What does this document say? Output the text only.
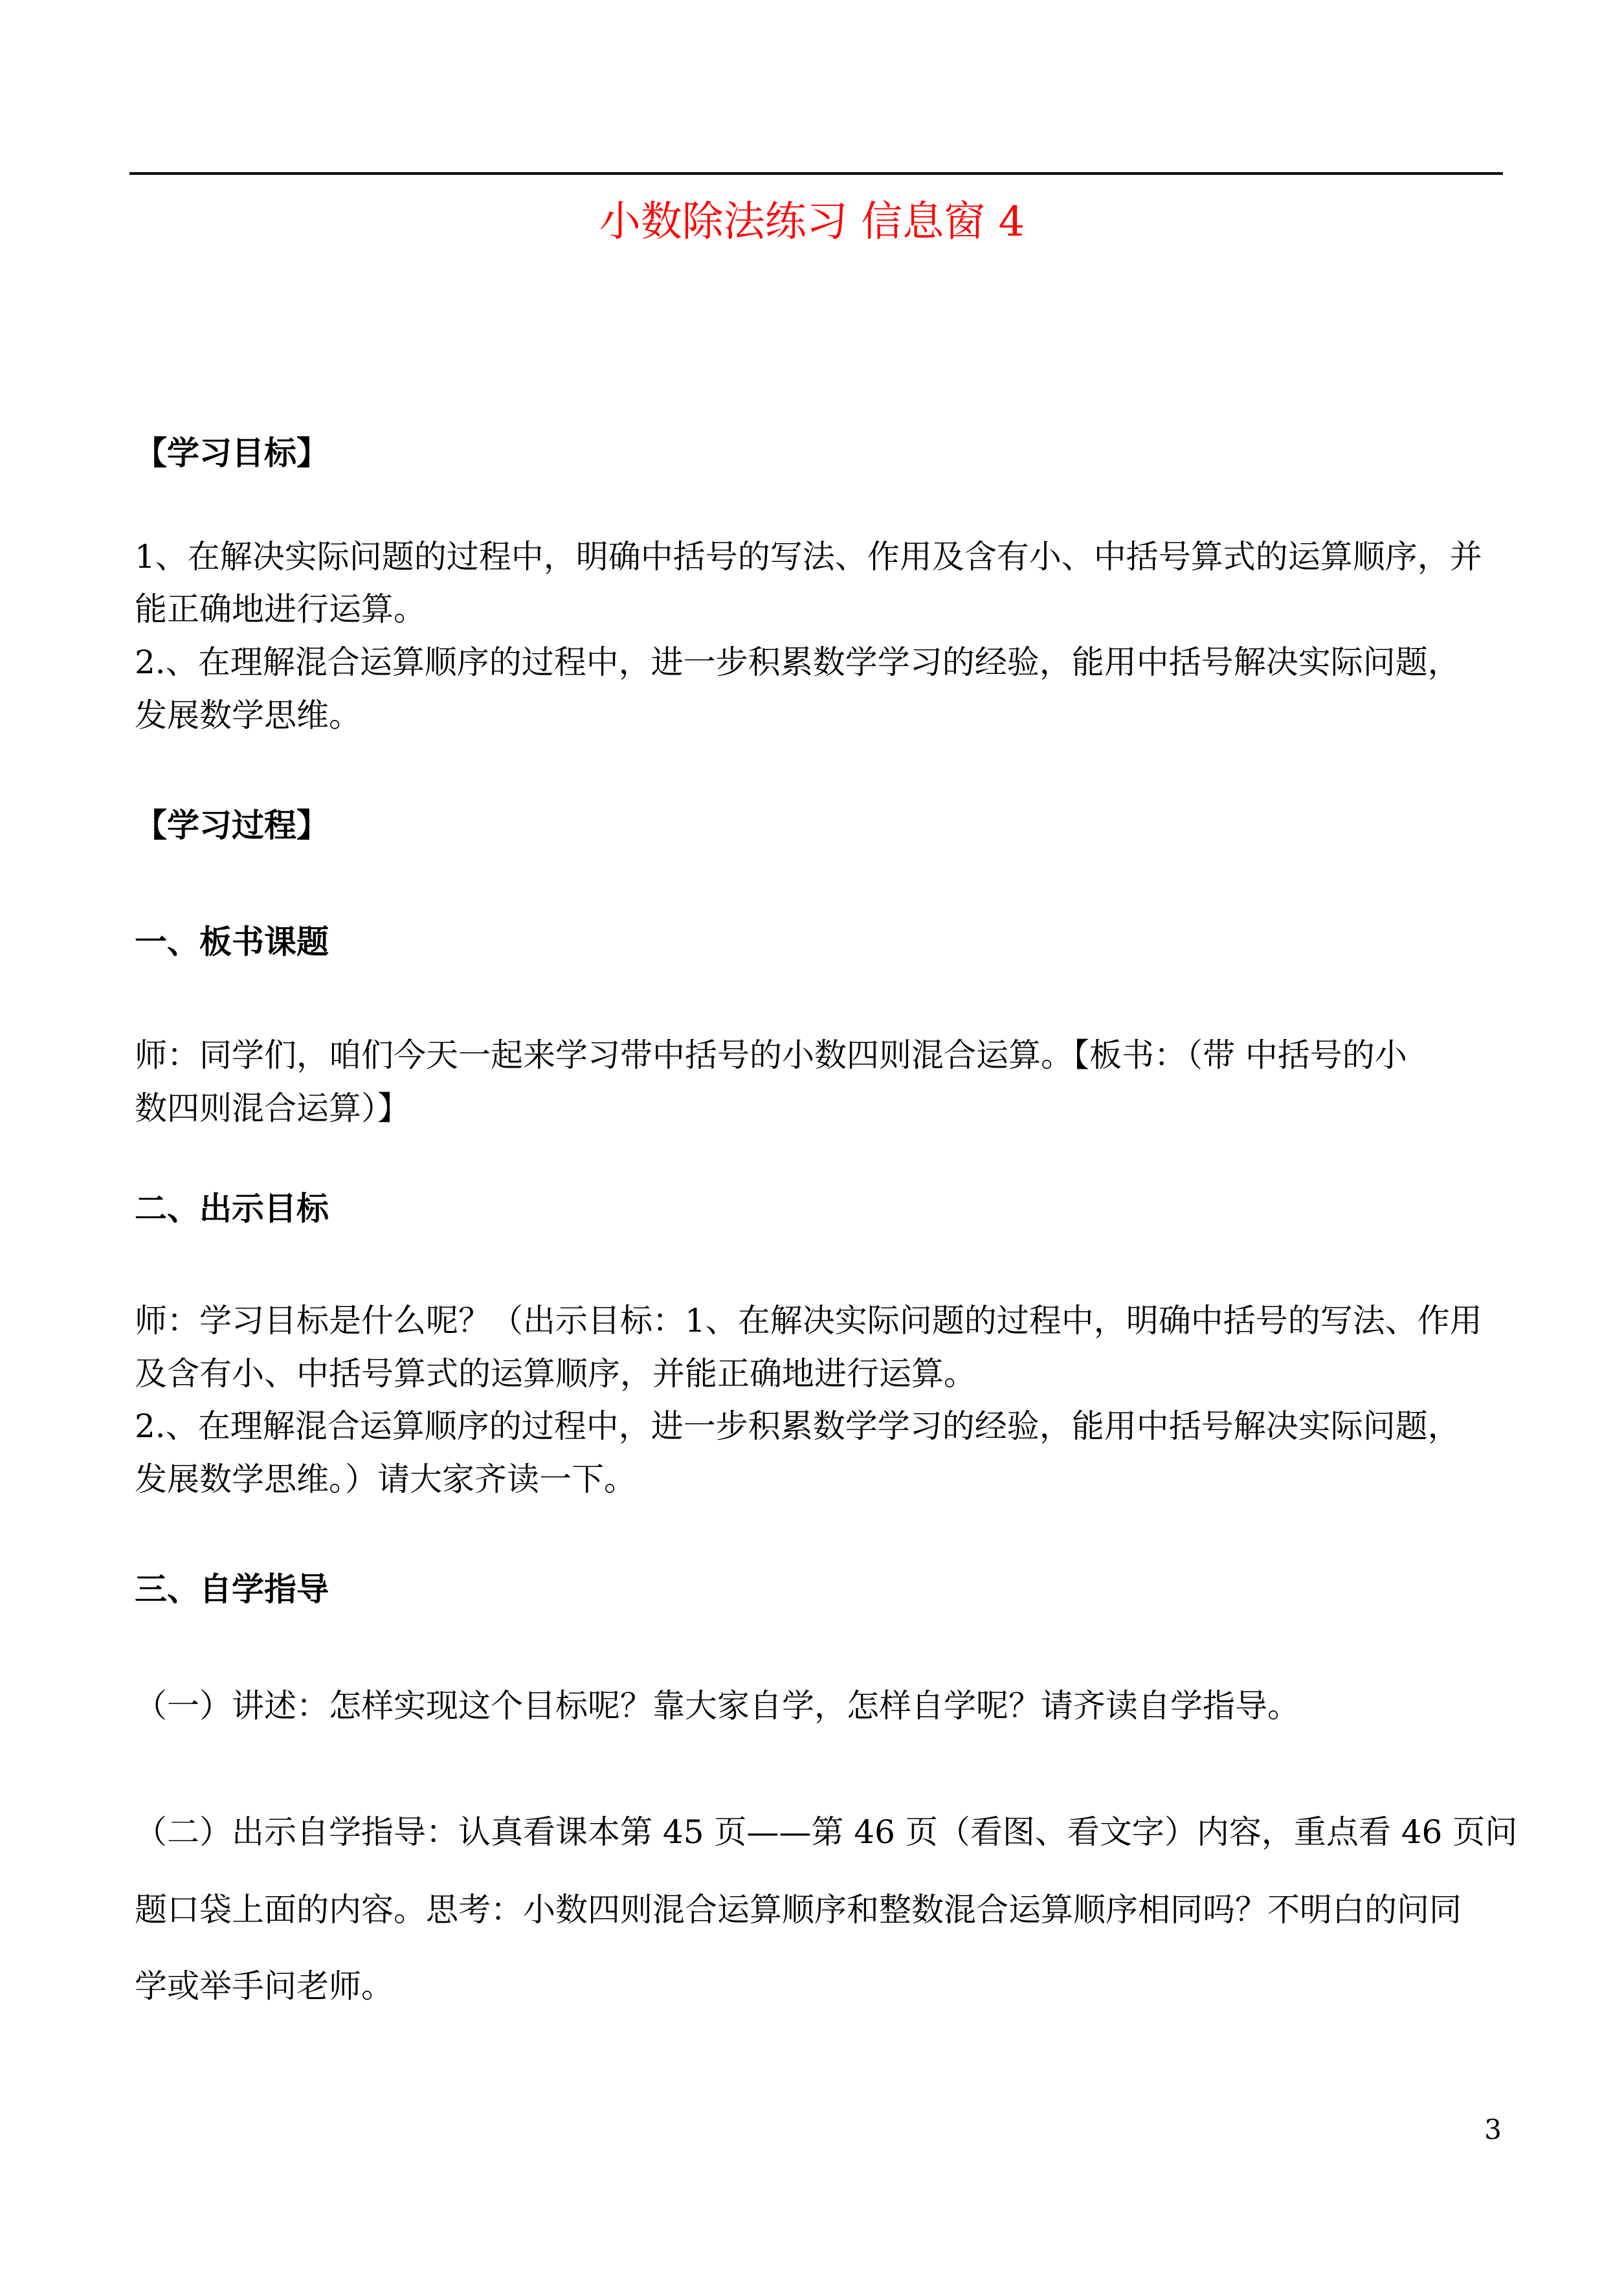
小数除法练习 信息窗 4
【学习目标】
1、在解决实际问题的过程中，明确中括号的写法、作用及含有小、中括号算式的运算顺序，并
能正确地进行运算。
2.、在理解混合运算顺序的过程中，进一步积累数学学习的经验，能用中括号解决实际问题，
发展数学思维。
【学习过程】
一、板书课题
师：同学们，咱们今天一起来学习带中括号的小数四则混合运算。【板书：（带 中括号的小
数四则混合运算）】
二、出示目标
师：学习目标是什么呢？（出示目标：1、在解决实际问题的过程中，明确中括号的写法、作用
及含有小、中括号算式的运算顺序，并能正确地进行运算。
2.、在理解混合运算顺序的过程中，进一步积累数学学习的经验，能用中括号解决实际问题，
发展数学思维。）请大家齐读一下。
三、自学指导
（一）讲述：怎样实现这个目标呢？靠大家自学，怎样自学呢？请齐读自学指导。
（二）出示自学指导：认真看课本第 45 页——第 46 页（看图、看文字）内容，重点看 46 页问
题口袋上面的内容。思考：小数四则混合运算顺序和整数混合运算顺序相同吗？不明白的问同
学或举手问老师。
3
